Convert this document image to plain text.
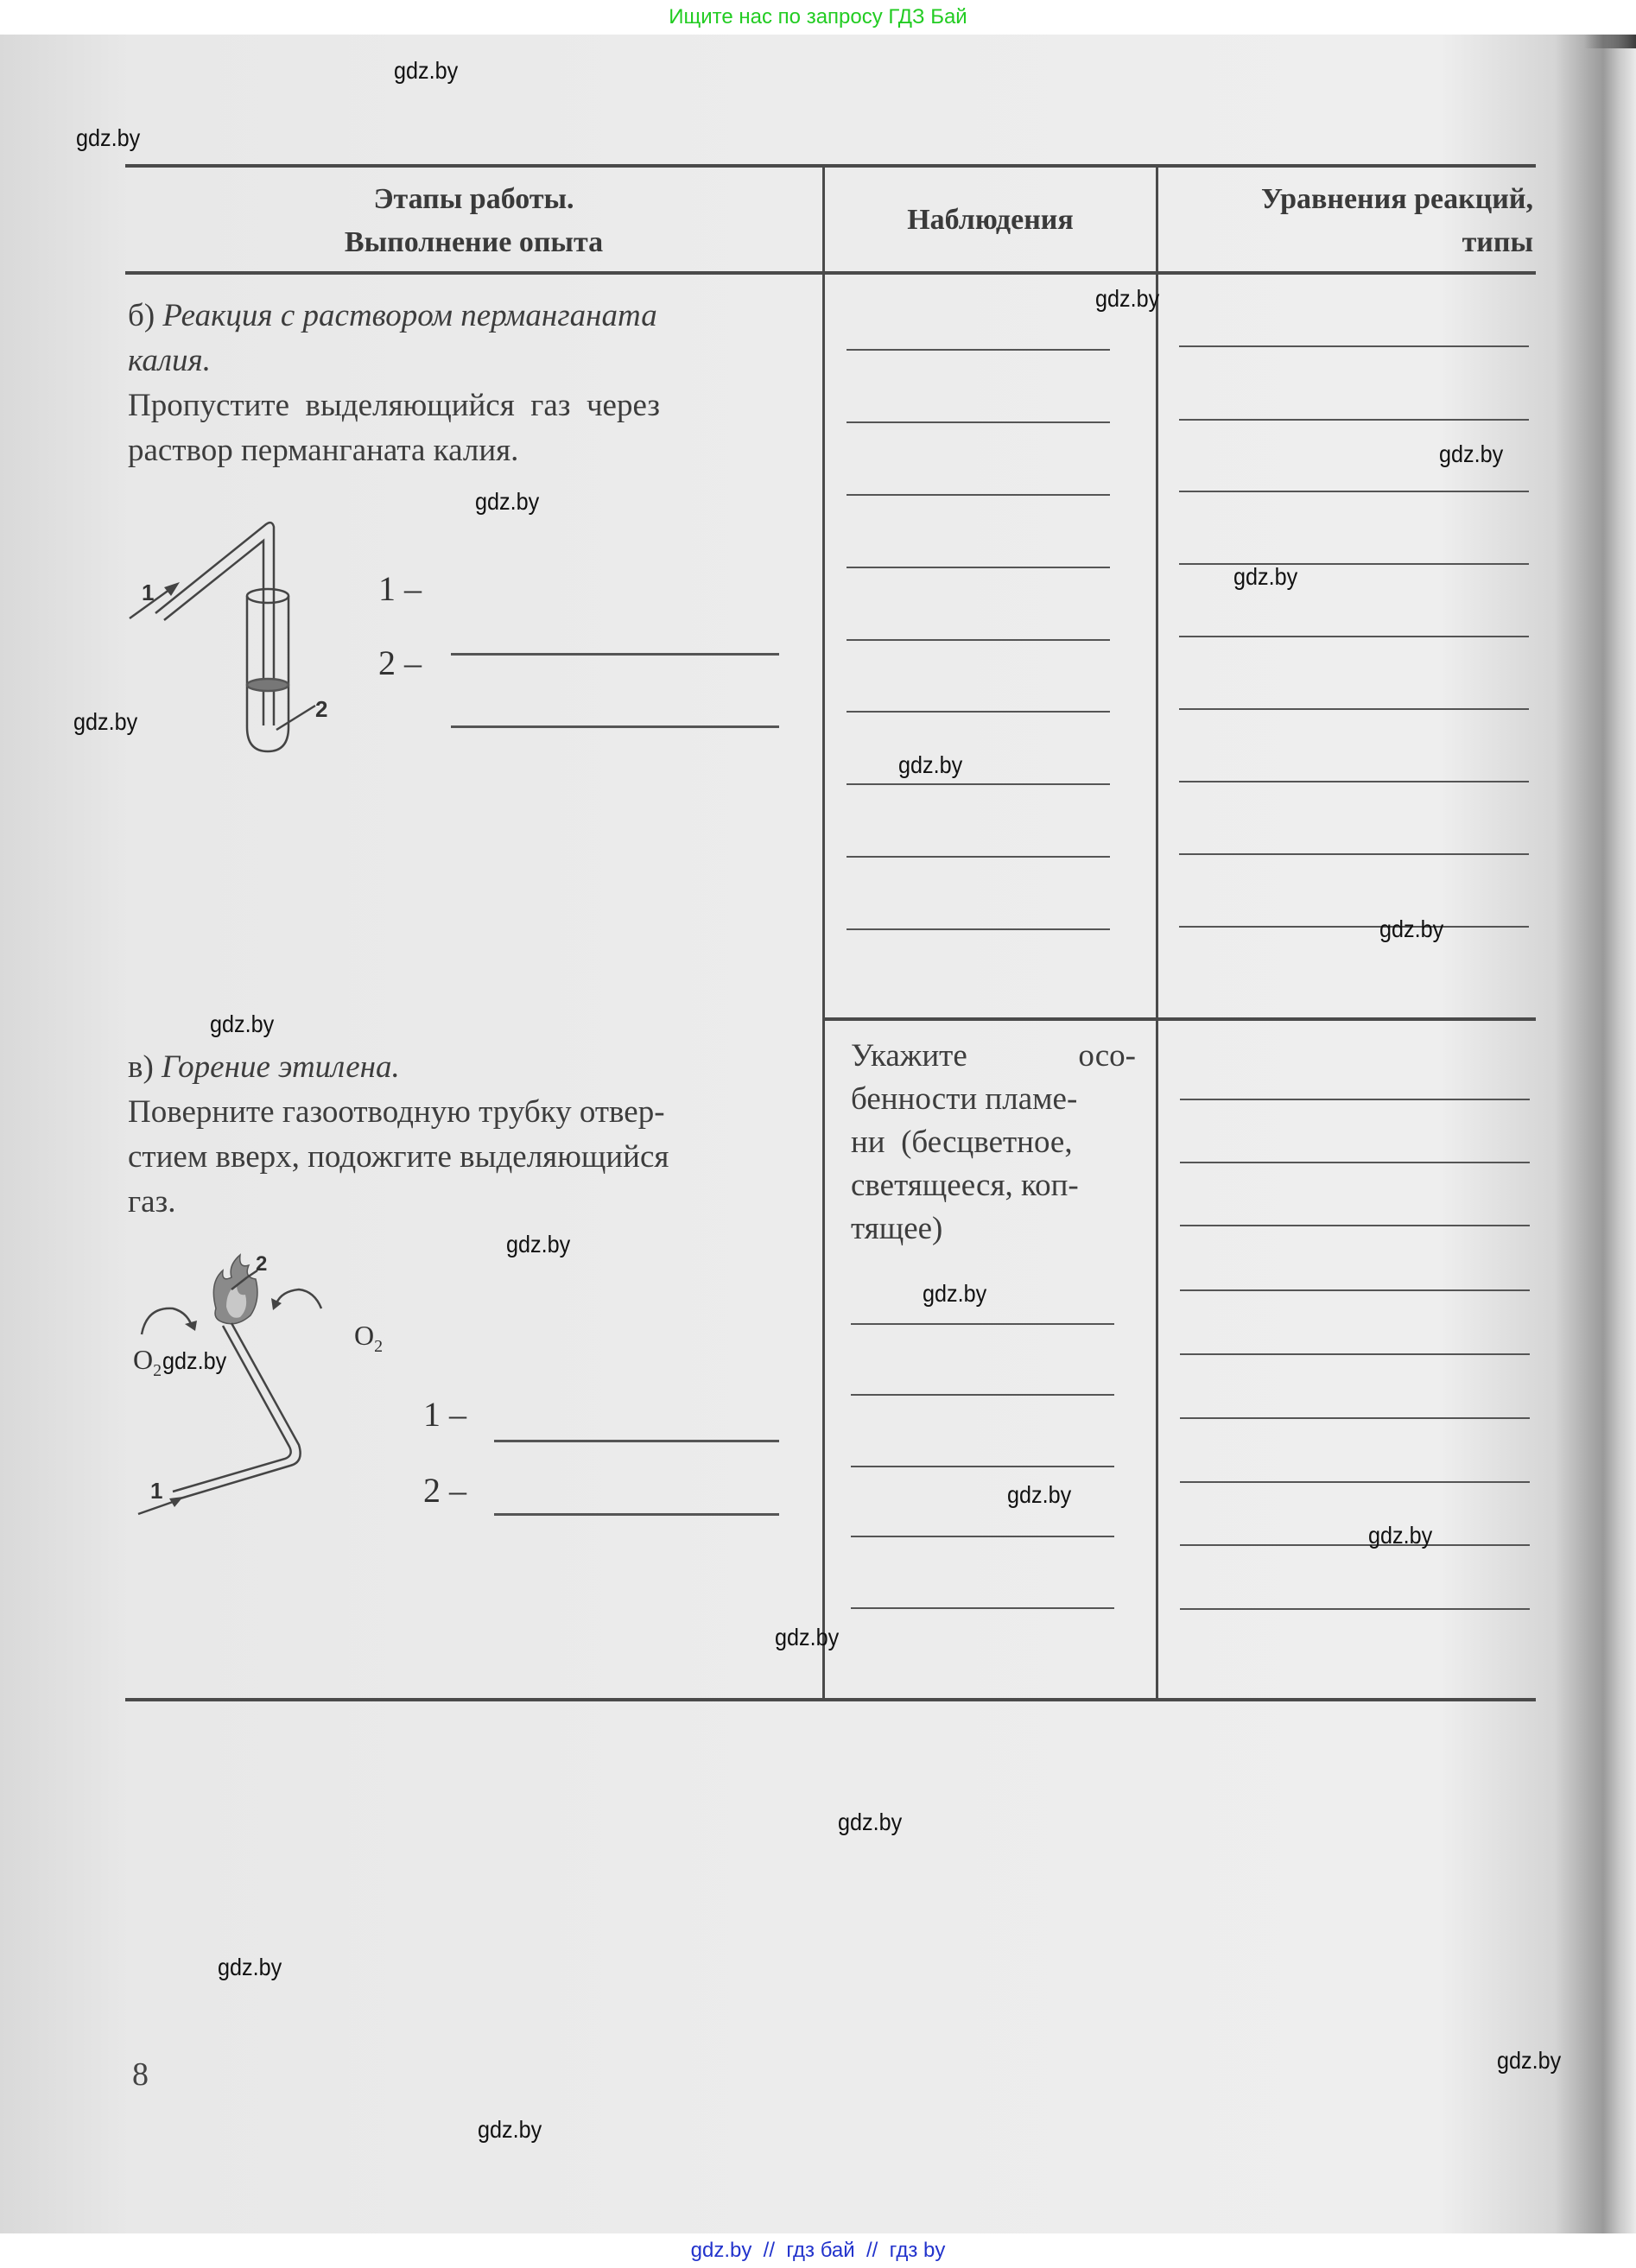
Ищите нас по запросу ГДЗ Бай
Этапы работы.
Выполнение опыта
Наблюдения
Уравнения реакций,
типы
б) Реакция с раствором перманганата
калия.
Пропустите  выделяющийся  газ  через
раствор перманганата калия.
1
2
1 –
2 –
в) Горение этилена.
Поверните газоотводную трубку отвер-
стием вверх, подожгите выделяющийся
газ.
2
1
$O_2$
$O_2$
1 –
2 –
Укажите	осо-
бенности пламе-
ни  (бесцветное,
светящееся, коп-
тящее)
8
gdz.by
gdz.by
gdz.by
gdz.by
gdz.by
gdz.by
gdz.by
gdz.by
gdz.by
gdz.by
gdz.by
gdz.by
gdz.by
gdz.by
gdz.by
gdz.by
gdz.by
gdz.by
gdz.by
gdz.by
gdz.by  //  гдз бай  //  гдз by
